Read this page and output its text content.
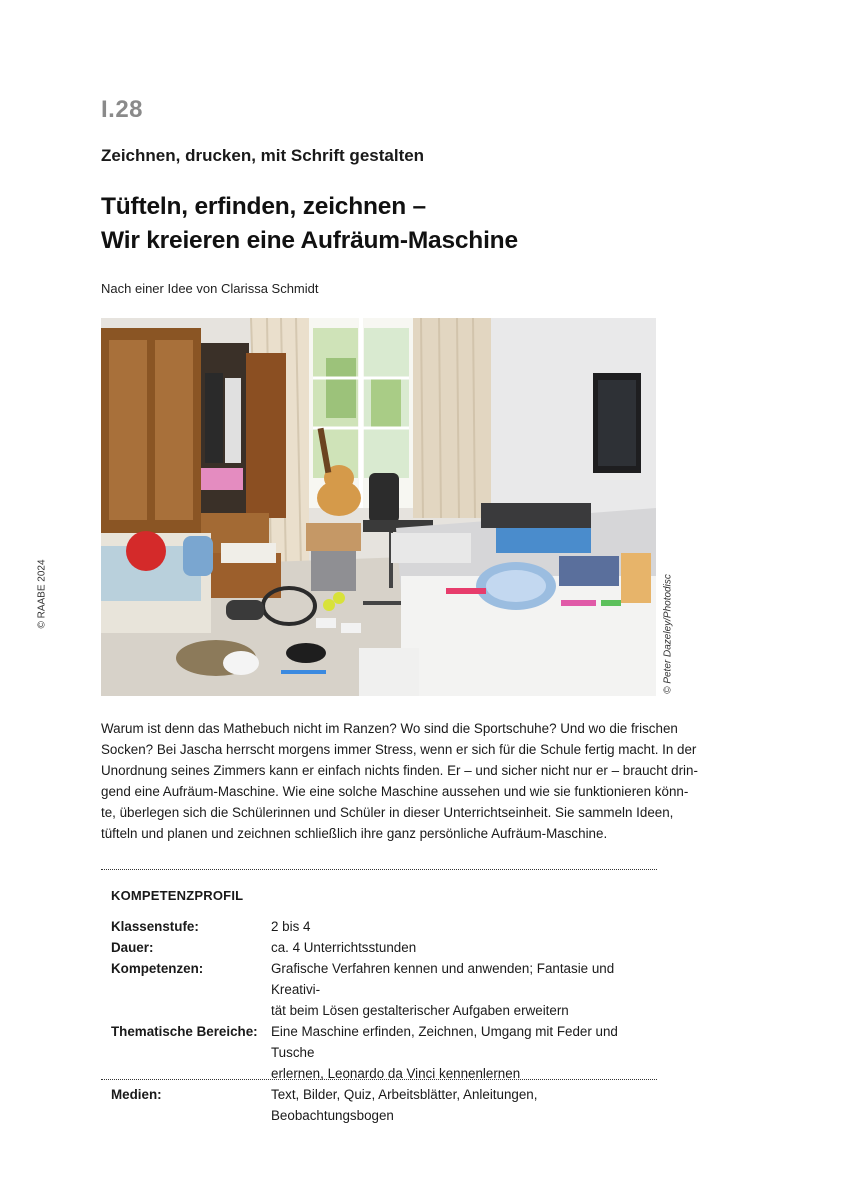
I.28
Zeichnen, drucken, mit Schrift gestalten
Tüfteln, erfinden, zeichnen –
Wir kreieren eine Aufräum-Maschine
Nach einer Idee von Clarissa Schmidt
© RAABE 2024	© Peter Dazeley/Photodisc
Warum ist denn das Mathebuch nicht im Ranzen? Wo sind die Sportschuhe? Und wo die frischen
Socken? Bei Jascha herrscht morgens immer Stress, wenn er sich für die Schule fertig macht. In der
Unordnung seines Zimmers kann er einfach nichts finden. Er – und sicher nicht nur er – braucht drin-
gend eine Aufräum-Maschine. Wie eine solche Maschine aussehen und wie sie funktionieren könn-
te, überlegen sich die Schülerinnen und Schüler in dieser Unterrichtseinheit. Sie sammeln Ideen,
tüfteln und planen und zeichnen schließlich ihre ganz persönliche Aufräum-Maschine.
KOMPETENZPROFIL
Klassenstufe:	2 bis 4
Dauer:	ca. 4 Unterrichtsstunden
Kompetenzen:	Grafische Verfahren kennen und anwenden; Fantasie und Kreativi-
tät beim Lösen gestalterischer Aufgaben erweitern
Thematische Bereiche: Eine Maschine erfinden, Zeichnen, Umgang mit Feder und Tusche
erlernen, Leonardo da Vinci kennenlernen
Medien:	Text, Bilder, Quiz, Arbeitsblätter, Anleitungen, Beobachtungsbogen
